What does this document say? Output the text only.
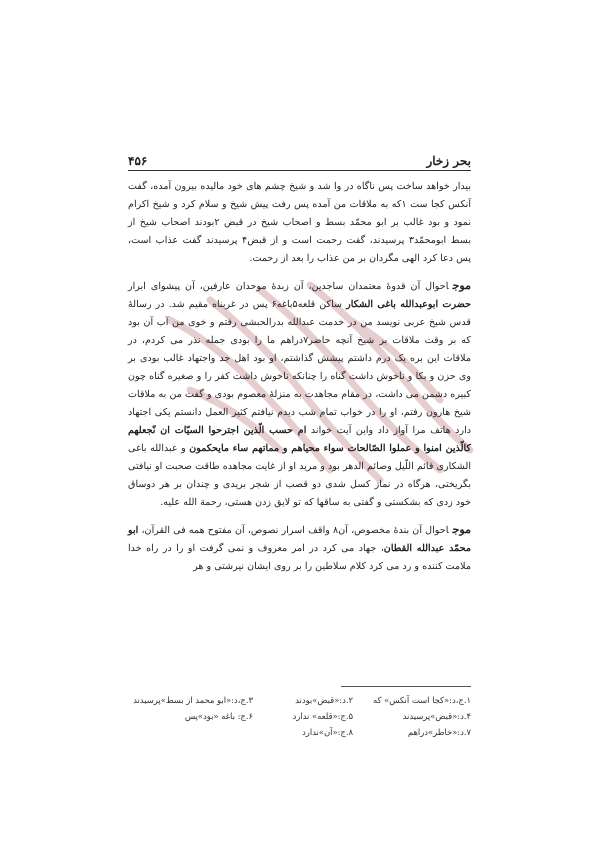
۴۵۶	بحر زخار

بیدار خواهد ساخت پس ناگاه در وا شد و شیخ چشم های خود مالیده بیرون آمده، گفت آنکس کجا ست ۱که به ملاقات من آمده پس رفت پیش شیخ و سلام کرد و شیخ اکرام نمود و بود غالب بر ابو محمّد بسط و اصحاب شیخ در قبض ۲بودند اصحاب شیخ از بسط ابومحمّد۳ پرسیدند، گفت رحمت است و از قبض۴ پرسیدند گفت عذاب است، پس دعا کرد الهی مگردان بر من عذاب را بعد از رحمت.

موجاحوال آن قدوهٔ معتمدان ساجدین، آن زبدهٔ موحدان عارفین، آن پیشوای ابرار حضرت ابوعبدالله باغی الشکار ساکن قلعه۵باغه۶ پس در غربناه مقیم شد. در رسالهٔ قدس شیخ عربی نویسد من در خدمت عبدالله بدرالحبشی رفتم و خوی من آب آن بود که بر وقت ملاقات بر شیخ آنچه حاضر۷دراهم ما را بودی جمله نذر می کردم، در ملاقات این بره یک درم داشتم پیشش گذاشتم، او بود اهل جد واجتهاد غالب بودی بر وی حزن و بکا و ناخوش داشت گناه را چنانکه ناخوش داشت کفر را و صغیره گناه چون کبیره دشمن می داشت، در مقام مجاهدت به منزلهٔ معصوم بودی و گفت من به ملاقات شیخ هارون رفتم، او را در خواب تمام شب دیدم نیافتم کثیر العمل دانستم یکی اجتهاد دارد هاتف مرا آواز داد واین آیت خواند ام حسب الّذین اجترحوا السیّات ان نّجعلهم کالّذین امنوا و عملوا الصّالحات سواء محیاهم و مماتهم ساء مایحکمون و عبدالله باغی الشکاری قائم اللّیل وصائم الدهر بود و مرید او از غایت مجاهده طاقت صحبت او نیافتی بگریختی، هرگاه در نماز کسل شدی دو قصب از شجر بریدی و چندان بر هر دوساق خود زدی که بشکستی و گفتی به ساقها که تو لایق زدن هستی، رحمة الله علیه.

موجاحوال آن بندهٔ مخصوص، آن۸ واقف اسرار نصوص، آن مفتوح همه فی القرآن، ابو محمّد عبدالله القطان، جهاد می کرد در امر معروف و نمی گرفت او را در راه خدا ملامت کننده و رد می کرد کلام سلاطین را بر روی ایشان نیرشتی و هر

۱.ج،د:«کجا است آنکس» که
۲.د:«قبض»بودند
۳.ج،د:«ابو محمد از بسط»پرسیدند
۴.د:«قبض»پرسیدند
۵.ج:«قلعه» ندارد
۶.ج: باغه «بود»پس
۷.د:«خاطر»دراهم
۸.ج:«آن»ندارد
